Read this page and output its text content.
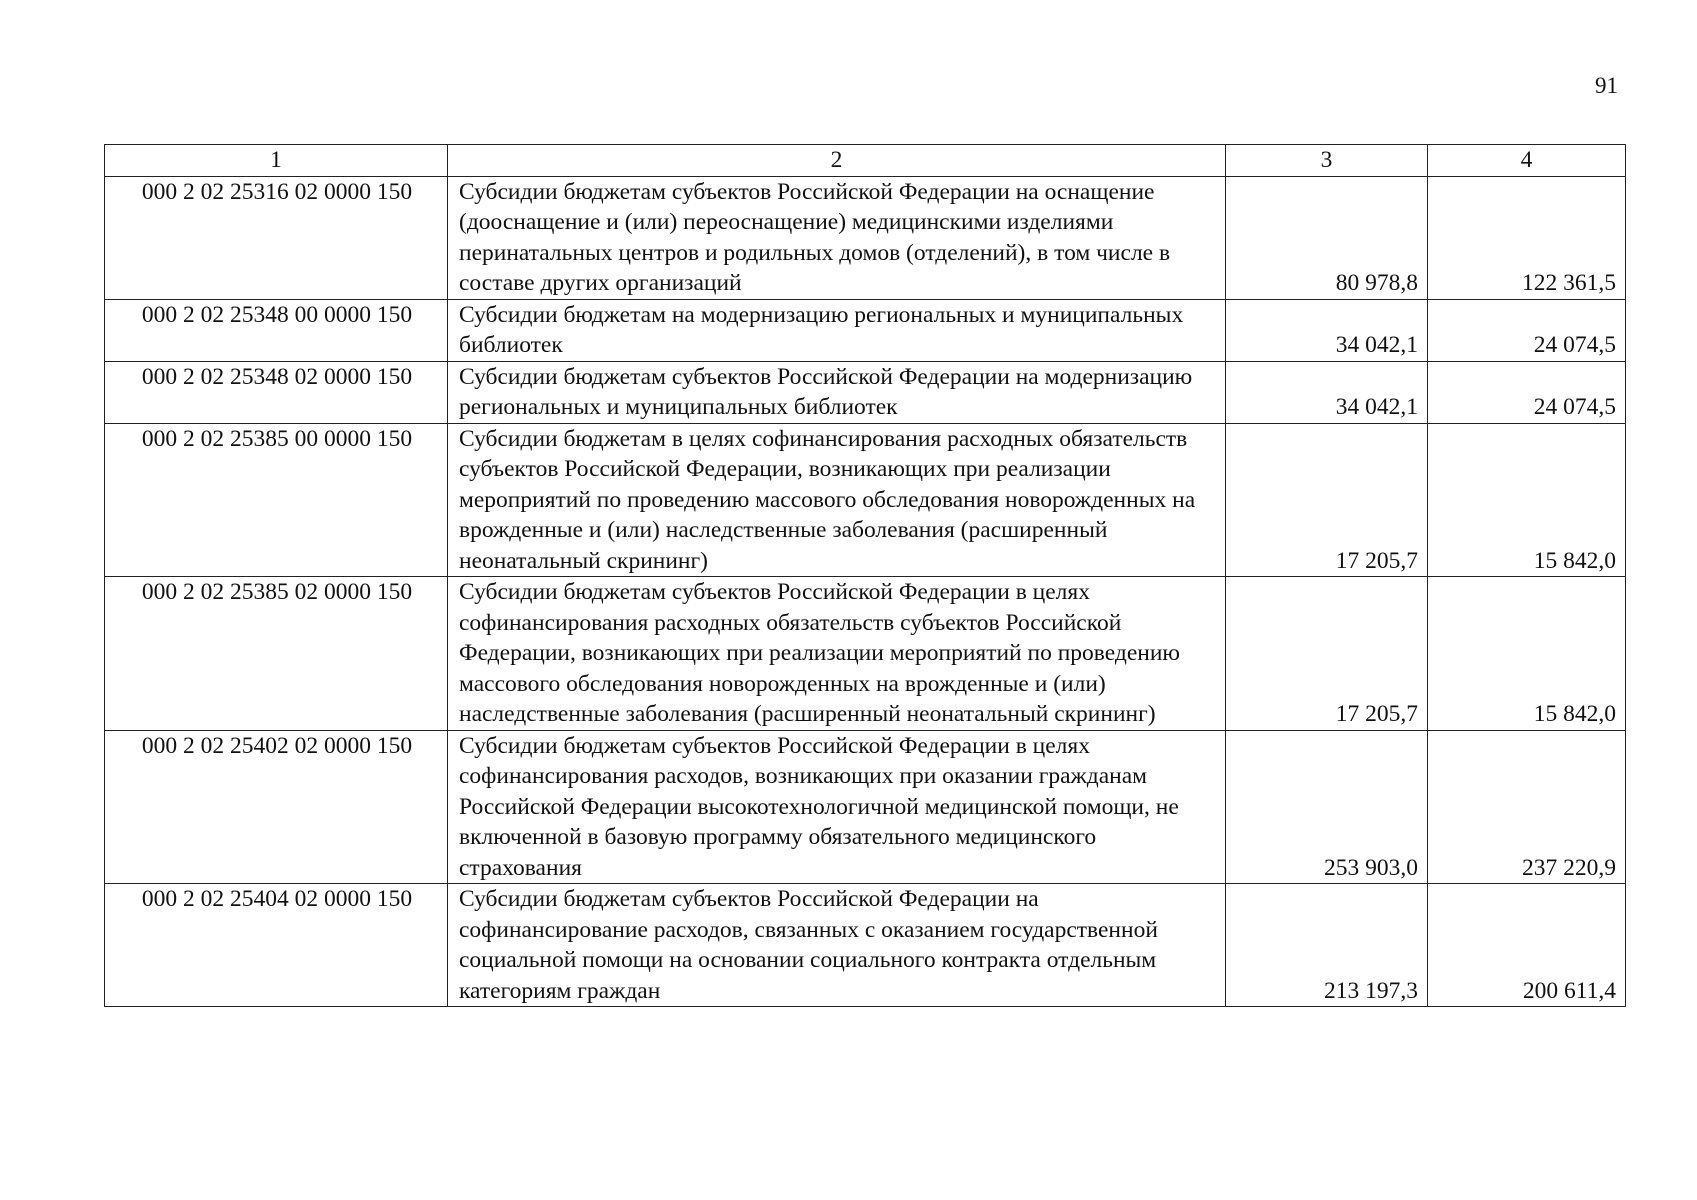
91
1	2	3	4
000 2 02 25316 02 0000 150	Субсидии бюджетам субъектов Российской Федерации на оснащение (дооснащение и (или) переоснащение) медицинскими изделиями перинатальных центров и родильных домов (отделений), в том числе в составе других организаций	80 978,8	122 361,5
000 2 02 25348 00 0000 150	Субсидии бюджетам на модернизацию региональных и муниципальных библиотек	34 042,1	24 074,5
000 2 02 25348 02 0000 150	Субсидии бюджетам субъектов Российской Федерации на модернизацию региональных и муниципальных библиотек	34 042,1	24 074,5
000 2 02 25385 00 0000 150	Субсидии бюджетам в целях софинансирования расходных обязательств субъектов Российской Федерации, возникающих при реализации мероприятий по проведению массового обследования новорожденных на врожденные и (или) наследственные заболевания (расширенный неонатальный скрининг)	17 205,7	15 842,0
000 2 02 25385 02 0000 150	Субсидии бюджетам субъектов Российской Федерации в целях софинансирования расходных обязательств субъектов Российской Федерации, возникающих при реализации мероприятий по проведению массового обследования новорожденных на врожденные и (или) наследственные заболевания (расширенный неонатальный скрининг)	17 205,7	15 842,0
000 2 02 25402 02 0000 150	Субсидии бюджетам субъектов Российской Федерации в целях софинансирования расходов, возникающих при оказании гражданам Российской Федерации высокотехнологичной медицинской помощи, не включенной в базовую программу обязательного медицинского страхования	253 903,0	237 220,9
000 2 02 25404 02 0000 150	Субсидии бюджетам субъектов Российской Федерации на софинансирование расходов, связанных с оказанием государственной социальной помощи на основании социального контракта отдельным категориям граждан	213 197,3	200 611,4
